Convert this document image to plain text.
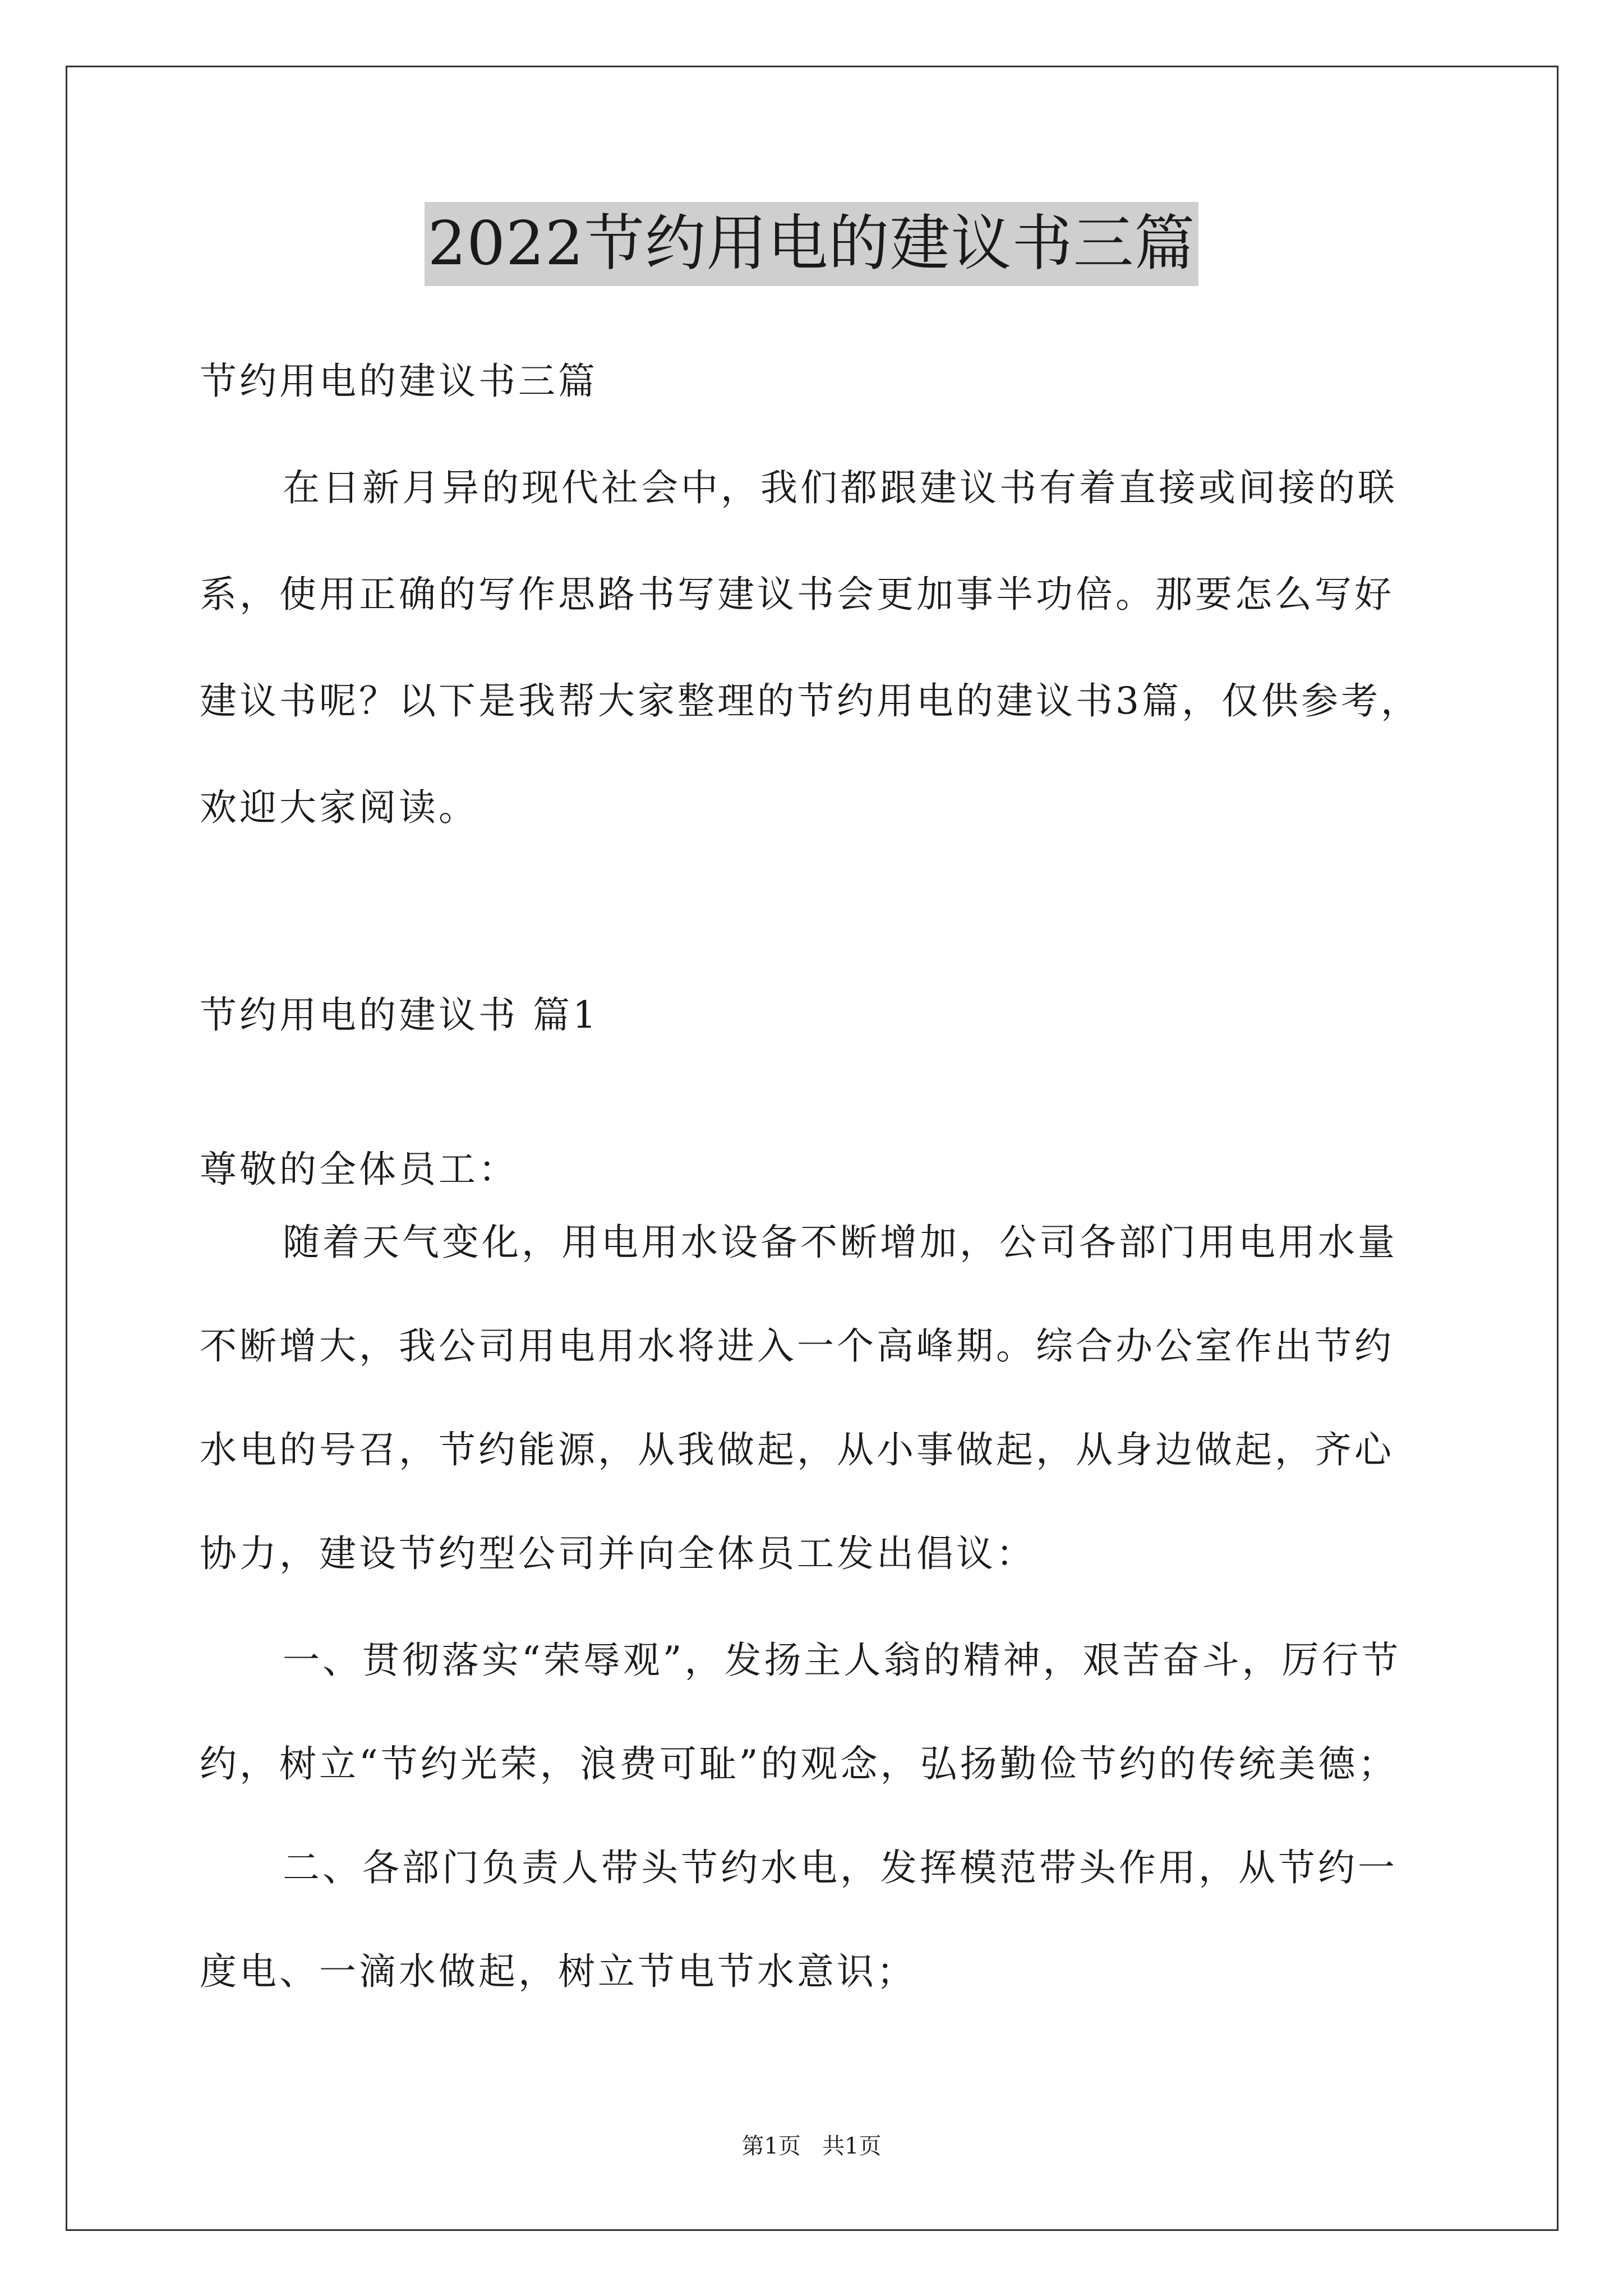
2022节约用电的建议书三篇
节约用电的建议书三篇
在日新月异的现代社会中，我们都跟建议书有着直接或间接的联
系，使用正确的写作思路书写建议书会更加事半功倍。那要怎么写好
建议书呢？以下是我帮大家整理的节约用电的建议书3篇，仅供参考，
欢迎大家阅读。
节约用电的建议书 篇1
尊敬的全体员工：
随着天气变化，用电用水设备不断增加，公司各部门用电用水量
不断增大，我公司用电用水将进入一个高峰期。综合办公室作出节约
水电的号召，节约能源，从我做起，从小事做起，从身边做起，齐心
协力，建设节约型公司并向全体员工发出倡议：
一、贯彻落实“荣辱观”，发扬主人翁的精神，艰苦奋斗，厉行节
约，树立“节约光荣，浪费可耻”的观念，弘扬勤俭节约的传统美德；
二、各部门负责人带头节约水电，发挥模范带头作用，从节约一
度电、一滴水做起，树立节电节水意识；
第1页   共1页
